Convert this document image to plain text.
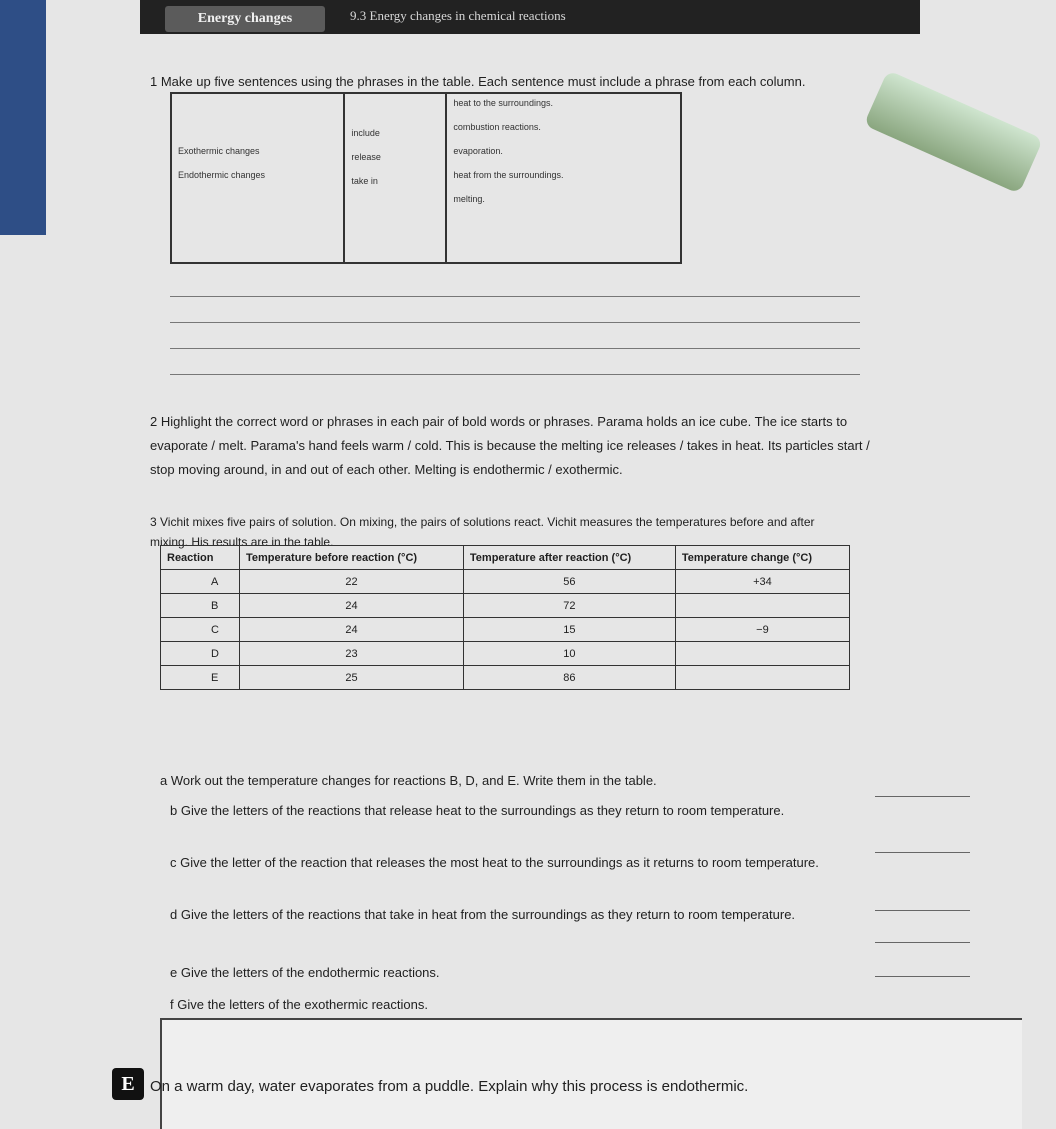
Energy changes	9.3 Energy changes in chemical reactions
1 Make up five sentences using the phrases in the table. Each sentence must include a phrase from each column.
Exothermic changes
Endothermic changes

include
release
take in

heat to the surroundings.
combustion reactions.
evaporation.
heat from the surroundings.
melting.
2 Highlight the correct word or phrases in each pair of bold words or phrases. Parama holds an ice cube. The ice starts to evaporate / melt. Parama's hand feels warm / cold. This is because the melting ice releases / takes in heat. Its particles start / stop moving around, in and out of each other. Melting is endothermic / exothermic.
3 Vichit mixes five pairs of solution. On mixing, the pairs of solutions react. Vichit measures the temperatures before and after mixing. His results are in the table.
Reaction	Temperature before reaction (°C)	Temperature after reaction (°C)	Temperature change (°C)
A	22	56	+34
B	24	72	
C	24	15	−9
D	23	10	
E	25	86	
a Work out the temperature changes for reactions B, D, and E. Write them in the table.
b Give the letters of the reactions that release heat to the surroundings as they return to room temperature.
c Give the letter of the reaction that releases the most heat to the surroundings as it returns to room temperature.
d Give the letters of the reactions that take in heat from the surroundings as they return to room temperature.
e Give the letters of the endothermic reactions.
f Give the letters of the exothermic reactions.
E	On a warm day, water evaporates from a puddle. Explain why this process is endothermic.
